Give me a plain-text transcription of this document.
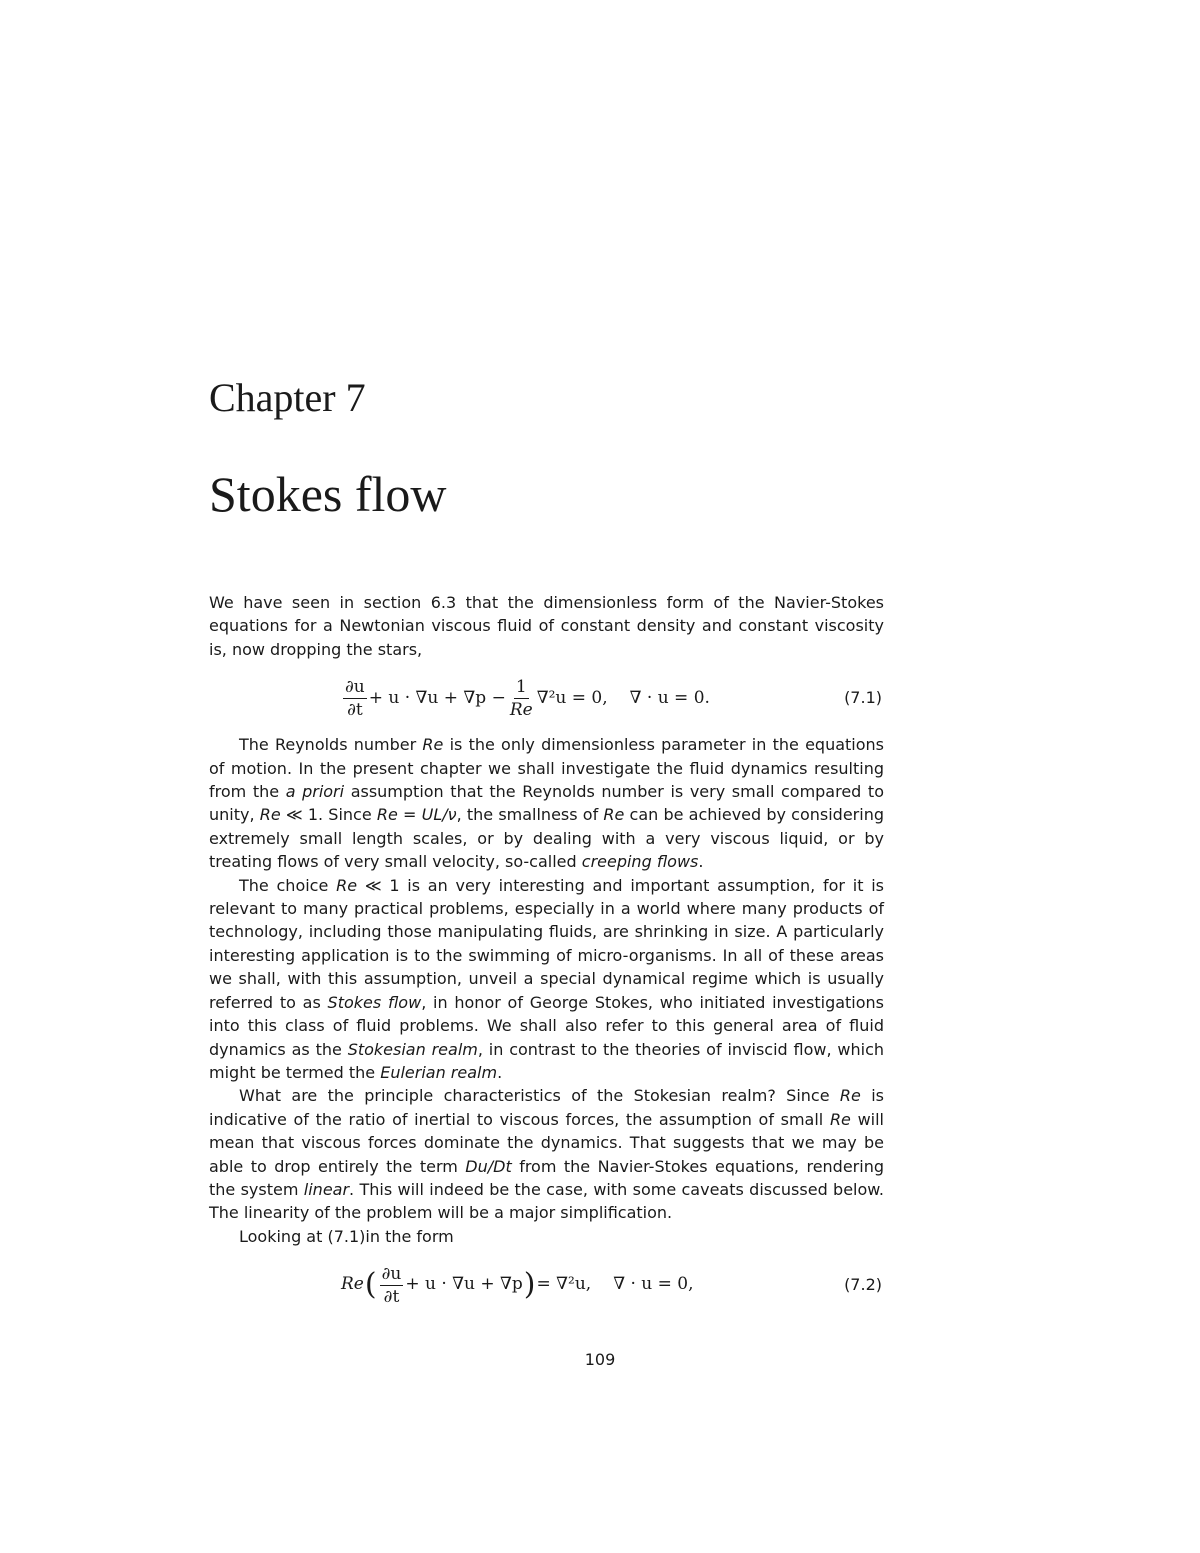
Chapter 7
Stokes flow

We have seen in section 6.3 that the dimensionless form of the Navier-Stokes equations for a Newtonian viscous fluid of constant density and constant viscosity is, now dropping the stars,

$\frac{\partial u}{\partial t} + u \cdot \nabla u + \nabla p - \frac{1}{Re} \nabla^2u = 0$, ∇ · u = 0.	(7.1)

The Reynolds number Re is the only dimensionless parameter in the equations of motion. In the present chapter we shall investigate the fluid dynamics resulting from the a priori assumption that the Reynolds number is very small compared to unity, Re ≪ 1. Since Re = UL/ν, the smallness of Re can be achieved by considering extremely small length scales, or by dealing with a very viscous liquid, or by treating flows of very small velocity, so-called creeping flows.

The choice Re ≪ 1 is an very interesting and important assumption, for it is relevant to many practical problems, especially in a world where many products of technology, including those manipulating fluids, are shrinking in size. A particularly interesting application is to the swimming of micro-organisms. In all of these areas we shall, with this assumption, unveil a special dynamical regime which is usually referred to as Stokes flow, in honor of George Stokes, who initiated investigations into this class of fluid problems. We shall also refer to this general area of fluid dynamics as the Stokesian realm, in contrast to the theories of inviscid flow, which might be termed the Eulerian realm.

What are the principle characteristics of the Stokesian realm? Since Re is indicative of the ratio of inertial to viscous forces, the assumption of small Re will mean that viscous forces dominate the dynamics. That suggests that we may be able to drop entirely the term Du/Dt from the Navier-Stokes equations, rendering the system linear. This will indeed be the case, with some caveats discussed below. The linearity of the problem will be a major simplification.

Looking at (7.1)in the form

Re ( $\frac{\partial u}{\partial t} + u \cdot \nabla u + \nabla p$ ) = ∇²u, ∇ · u = 0,	(7.2)
109
